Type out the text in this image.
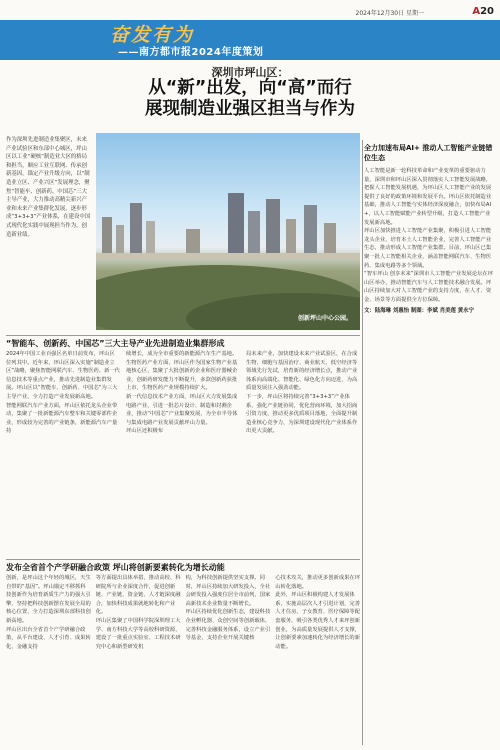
2024年12月30日 星期一	A20
奋发有为
——南方都市报2024年度策划
深圳市坪山区：
从“新”出发，向“高”而行
展现制造业强区担当与作为
作为深圳先进制造业集聚区，未来产业试验区和东部中心城区，坪山区以工业“硬核”制造业大区的格局和担当，顺应工业互联网、传承创新基因，锚定产业升级方向，以“制造业立区、产业兴区”发展理念，聚焦“智能车、创新药、中国芯”三大主导产业，大力推动高精尖新兴产业和未来产业集群化发展，逐步形成“3+3+3”产业体系，在建设中国式现代化实践中展现担当作为，创造新业绩。
创新坪山中心公园。
全力加速布局AI+ 推动人工智能产业链错位生态
人工智能是新一轮科技革命和产业变革的重要驱动力量，深圳市和坪山区深入贯彻落实人工智能发展战略，把握人工智能发展机遇，为坪山区人工智能产业的发展提供了良好的政策环境和发展平台。坪山区依托制造业基础，推动人工智能与实体经济深度融合，加快布局AI+，以人工智能赋能产业转型升级，打造人工智能产业发展新高地。
坪山区加快推进人工智能产业集聚，积极引进人工智能龙头企业，培育本土人工智能企业，完善人工智能产业生态，推动形成人工智能产业集群。目前，坪山区已集聚一批人工智能相关企业，涵盖智能网联汽车、生物医药、集成电路等多个领域。
“智车坪山 创享未来”深圳市人工智能产业发展论坛在坪山区举办，推动智能汽车与人工智能技术融合发展。坪山区持续加大对人工智能产业的支持力度，在人才、资金、场景等方面提供全方位保障。
文：陆海琳 刘惠怡 制图：李斌 肖美莲 黄永宁
“智能车、创新药、中国芯”三大主导产业先进制造业集群形成
2024年中国工业百强区名单日前发布，坪山区位列其中。近年来，坪山区深入实施“制造业立区”战略，聚焦智能网联汽车、生物医药、新一代信息技术等重点产业，推动先进制造业集群发展。坪山区以“智能车、创新药、中国芯”为三大主导产业，全力打造产业发展新高地。
智能网联汽车产业方面，坪山区依托龙头企业带动，集聚了一批新能源汽车整车和关键零部件企业，形成较为完善的产业链条，新能源汽车产量持
续增长，成为全市重要的新能源汽车生产基地。
生物医药产业方面，坪山区作为国家生物产业基地核心区，集聚了大批创新药企业和医疗器械企业，创新药研发能力不断提升，多款创新药获批上市，生物医药产业规模持续扩大。
新一代信息技术产业方面，坪山区大力发展集成电路产业，引进一批芯片设计、制造和封测企业，推动“中国芯”产业集聚发展，为全市半导体与集成电路产业发展贡献坪山力量。
坪山区还积极布
局未来产业，加快建设未来产业试验区，在合成生物、细胞与基因治疗、商业航天、低空经济等领域先行先试，培育新的经济增长点，推动产业体系向高端化、智能化、绿色化方向迈进，为高质量发展注入强劲动能。
下一步，坪山区将持续完善“3+3+3”产业体系，强化产业链协同，优化营商环境，加大招商引资力度，推动更多优质项目落地，全面提升制造业核心竞争力，为深圳建设现代化产业体系作出更大贡献。
发布全省首个产学研融合政策 坪山将创新要素转化为增长动能
创新，是坪山这个年轻的城区，天生自带的“基因”。坪山锚定不移抓科技创新作为培育新质生产力的强大引擎，坚持把科技创新摆在发展全局的核心位置，全力打造深圳东部科技创新高地。
坪山区出台全省首个产学研融合政策，从平台建设、人才引育、成果转化、金融支持
等方面提出具体举措，推动高校、科研院所与企业深度合作，促进创新链、产业链、资金链、人才链深度融合，加快科技成果就地转化和产业化。
坪山区集聚了中国科学院深圳理工大学、南方科技大学等高校科研资源，建设了一批重点实验室、工程技术研究中心和新型研发机
构，为科技创新提供坚实支撑。同时，坪山区持续加大研发投入，全社会研发投入强度位居全市前列，国家高新技术企业数量不断增长。
坪山区持续优化创新生态，建设科技企业孵化器、众创空间等创新载体，完善科技金融服务体系，设立产业引导基金，支持企业开展关键核
心技术攻关，推动更多创新成果在坪山转化落地。
此外，坪山区积极构建人才发展体系，实施高层次人才引进计划，完善人才住房、子女教育、医疗保障等配套服务，吸引各类优秀人才来坪创新创业，为高质量发展提供人才支撑，让创新要素加速转化为经济增长的新动能。
